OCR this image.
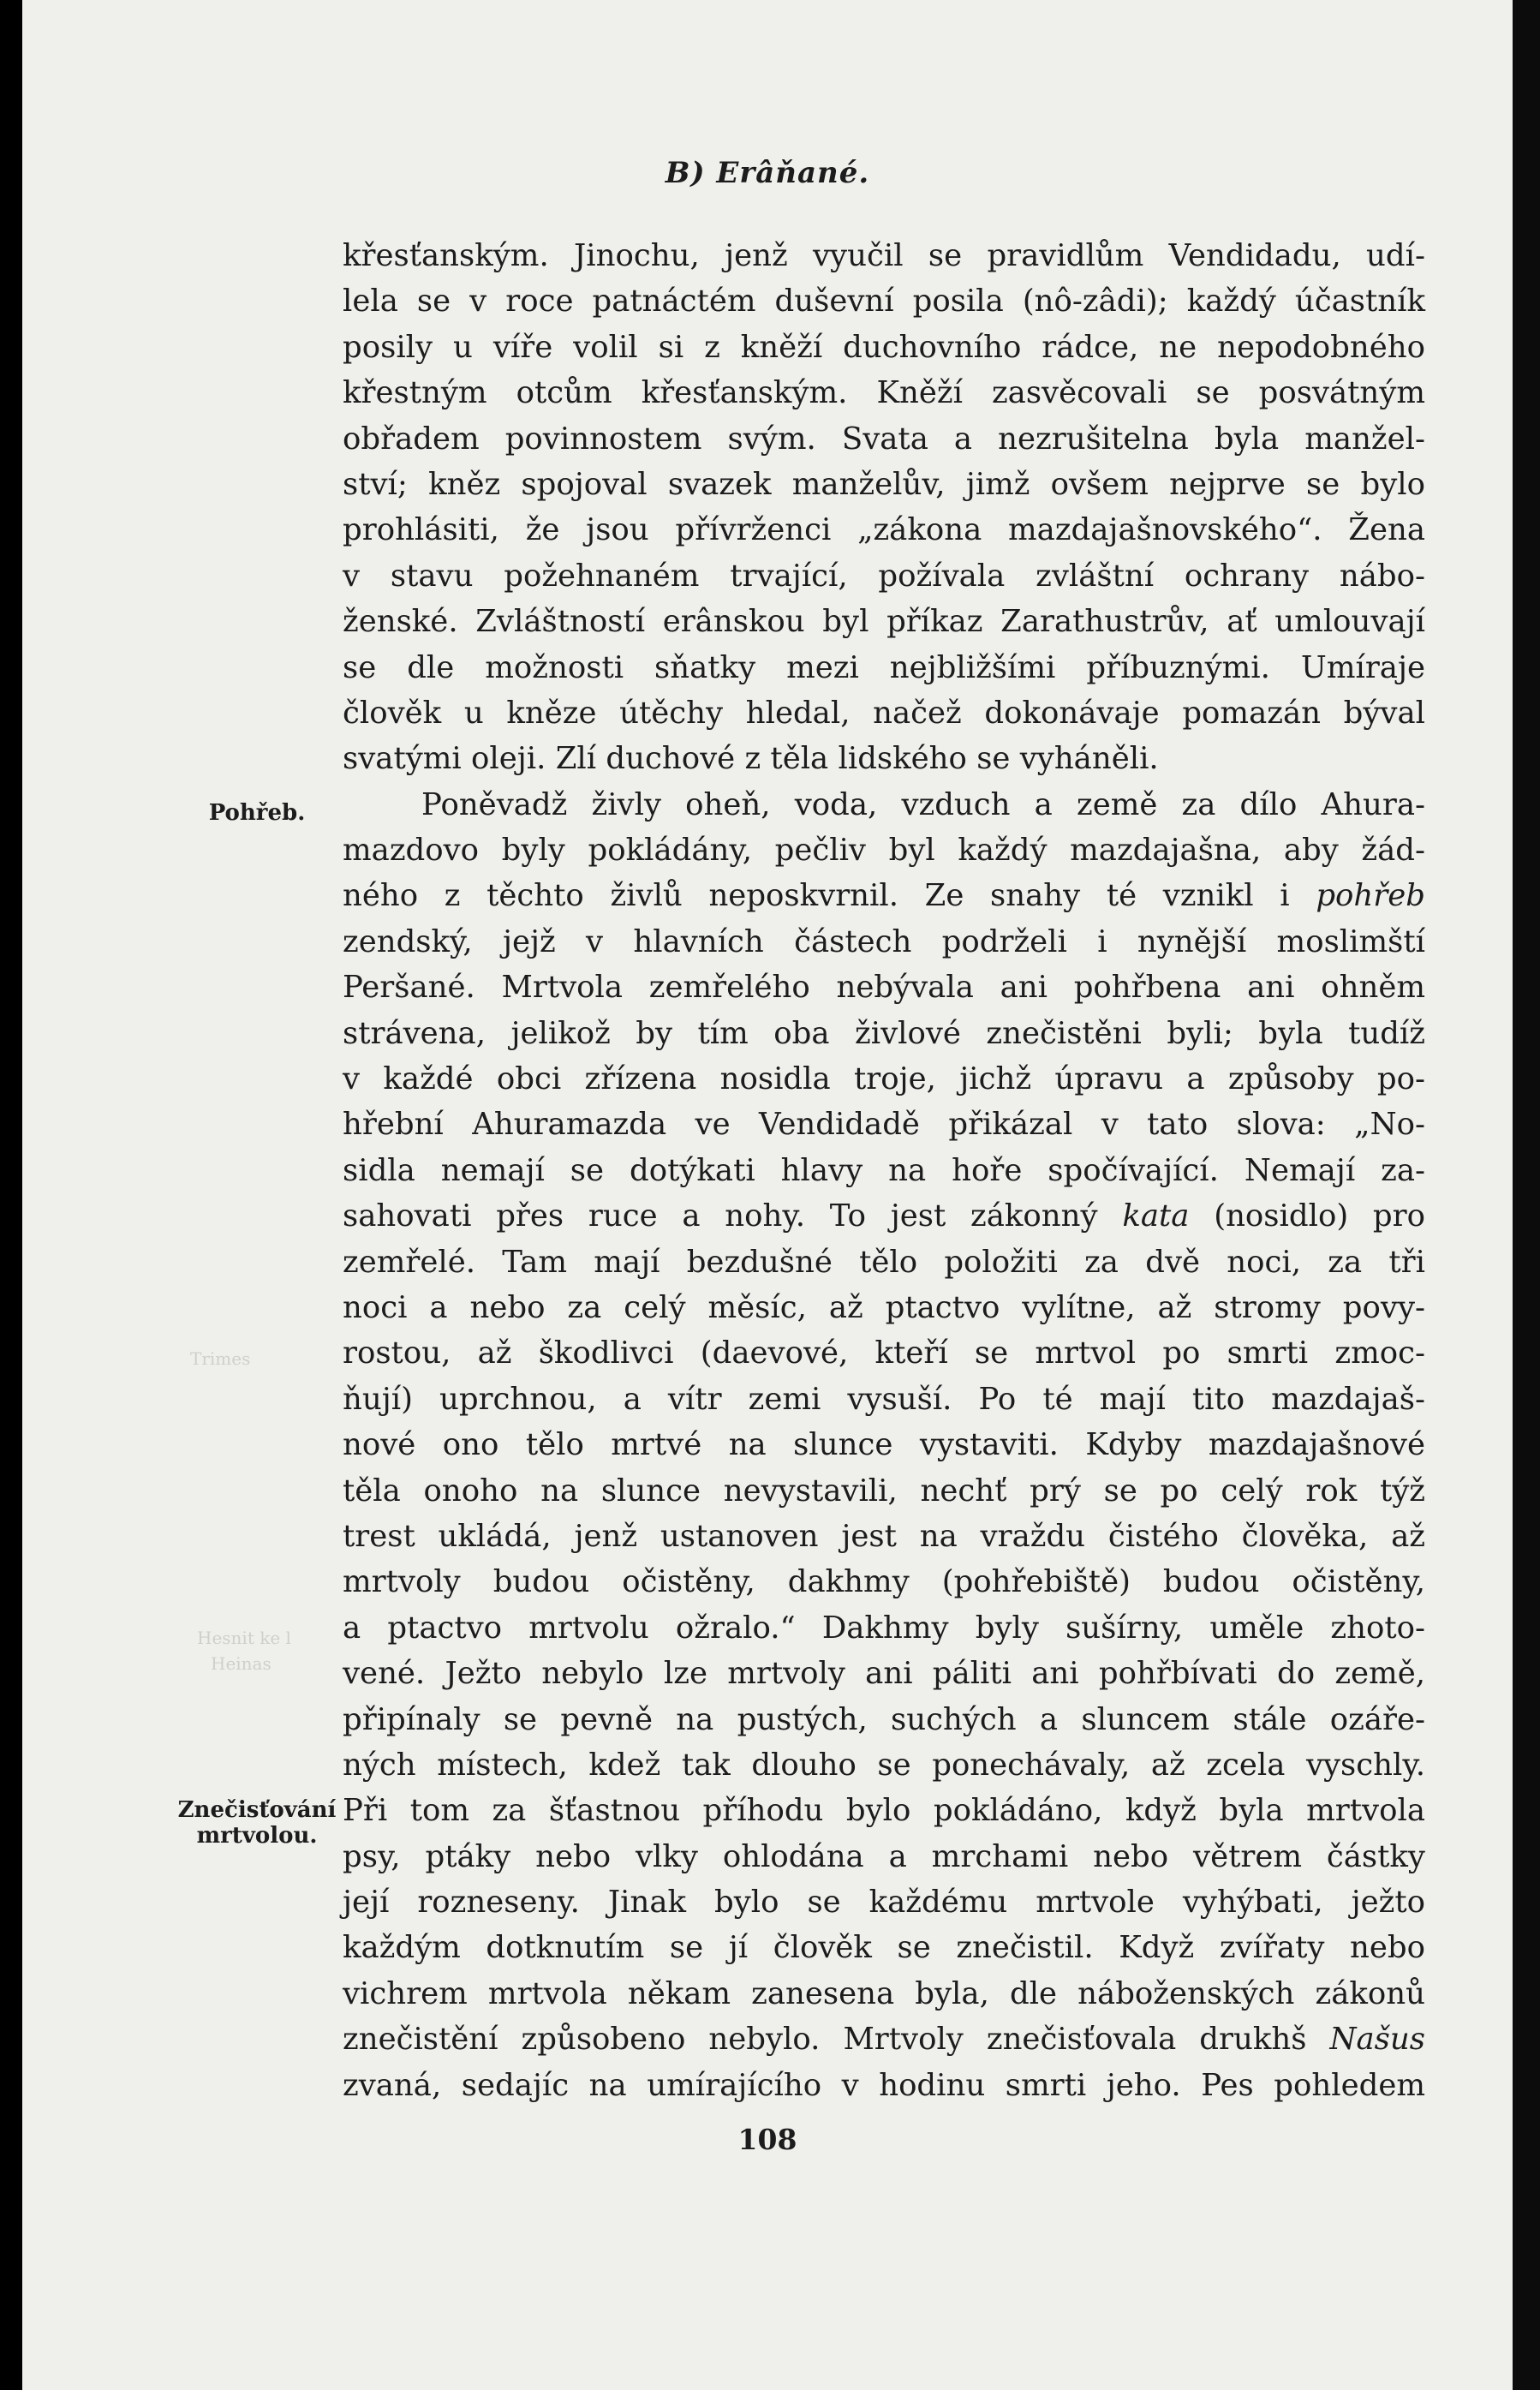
B) Erâňané.
Pohřeb.
Znečisťování
mrtvolou.
Trimes
Hesnit ke l
Heinas
křesťanským. Jinochu, jenž vyučil se pravidlům Vendidadu, udí-
lela se v roce patnáctém duševní posila (nô-zâdi); každý účastník
posily u víře volil si z kněží duchovního rádce, ne nepodobného
křestným otcům křesťanským. Kněží zasvěcovali se posvátným
obřadem povinnostem svým. Svata a nezrušitelna byla manžel-
ství; kněz spojoval svazek manželův, jimž ovšem nejprve se bylo
prohlásiti, že jsou přívrženci „zákona mazdajašnovského“. Žena
v stavu požehnaném trvající, požívala zvláštní ochrany nábo-
ženské. Zvláštností erânskou byl příkaz Zarathustrův, ať umlouvají
se dle možnosti sňatky mezi nejbližšími příbuznými. Umíraje
člověk u kněze útěchy hledal, načež dokonávaje pomazán býval
svatými oleji. Zlí duchové z těla lidského se vyháněli.
Poněvadž živly oheň, voda, vzduch a země za dílo Ahura-
mazdovo byly pokládány, pečliv byl každý mazdajašna, aby žád-
ného z těchto živlů neposkvrnil. Ze snahy té vznikl i pohřeb
zendský, jejž v hlavních částech podrželi i nynější moslimští
Peršané. Mrtvola zemřelého nebývala ani pohřbena ani ohněm
strávena, jelikož by tím oba živlové znečistěni byli; byla tudíž
v každé obci zřízena nosidla troje, jichž úpravu a způsoby po-
hřební Ahuramazda ve Vendidadě přikázal v tato slova: „No-
sidla nemají se dotýkati hlavy na hoře spočívající. Nemají za-
sahovati přes ruce a nohy. To jest zákonný kata (nosidlo) pro
zemřelé. Tam mají bezdušné tělo položiti za dvě noci, za tři
noci a nebo za celý měsíc, až ptactvo vylítne, až stromy povy-
rostou, až škodlivci (daevové, kteří se mrtvol po smrti zmoc-
ňují) uprchnou, a vítr zemi vysuší. Po té mají tito mazdajaš-
nové ono tělo mrtvé na slunce vystaviti. Kdyby mazdajašnové
těla onoho na slunce nevystavili, nechť prý se po celý rok týž
trest ukládá, jenž ustanoven jest na vraždu čistého člověka, až
mrtvoly budou očistěny, dakhmy (pohřebiště) budou očistěny,
a ptactvo mrtvolu ožralo.“ Dakhmy byly sušírny, uměle zhoto-
vené. Ježto nebylo lze mrtvoly ani páliti ani pohřbívati do země,
připínaly se pevně na pustých, suchých a sluncem stále ozáře-
ných místech, kdež tak dlouho se ponechávaly, až zcela vyschly.
Při tom za šťastnou příhodu bylo pokládáno, když byla mrtvola
psy, ptáky nebo vlky ohlodána a mrchami nebo větrem částky
její rozneseny. Jinak bylo se každému mrtvole vyhýbati, ježto
každým dotknutím se jí člověk se znečistil. Když zvířaty nebo
vichrem mrtvola někam zanesena byla, dle náboženských zákonů
znečistění způsobeno nebylo. Mrtvoly znečisťovala drukhš Našus
zvaná, sedajíc na umírajícího v hodinu smrti jeho. Pes pohledem
108
